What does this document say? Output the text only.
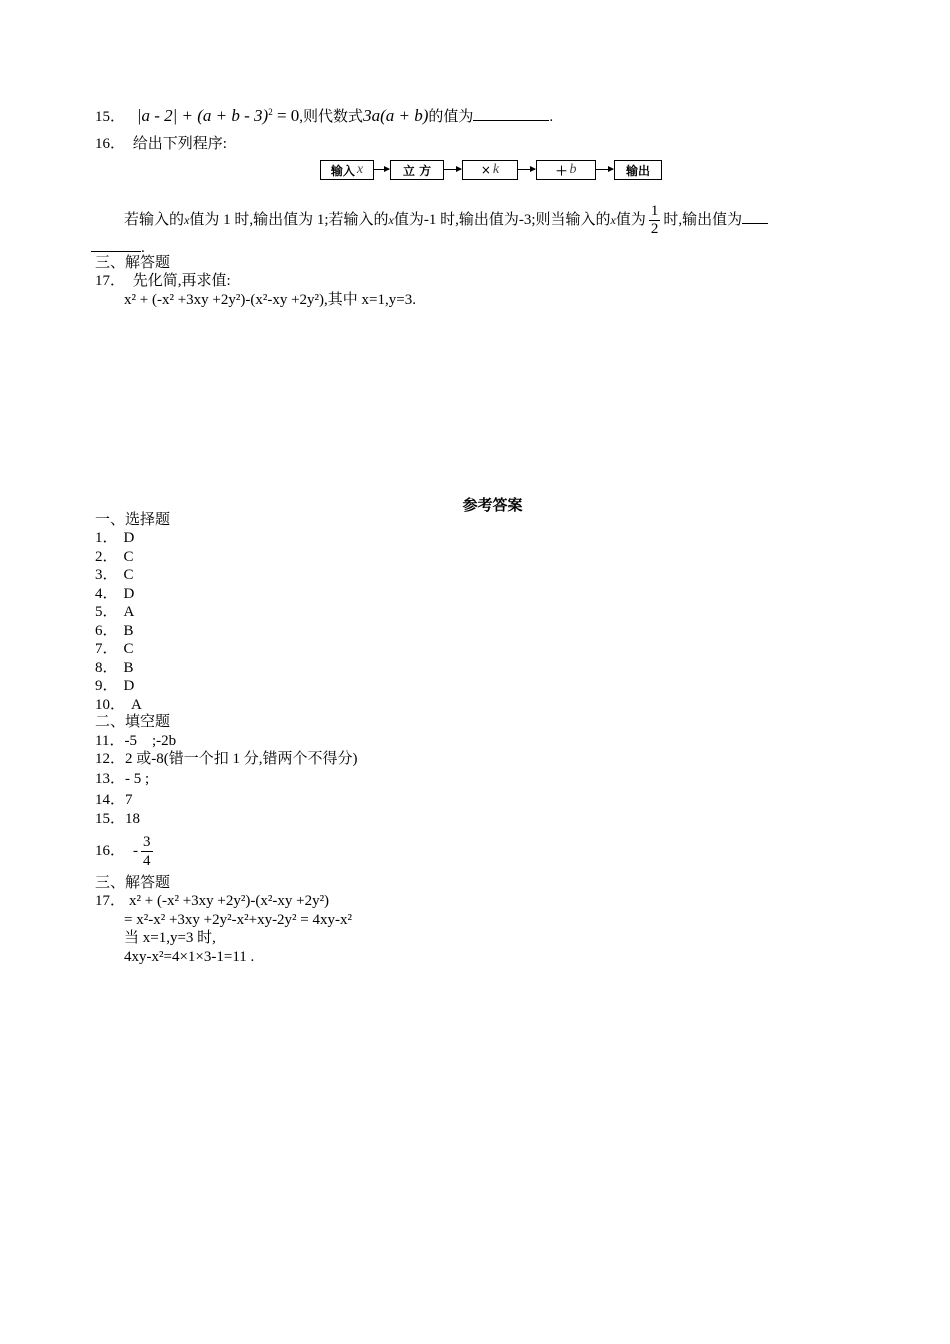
15． $|a - 2| + (a + b - 3)^2 = 0$,则代数式3a(a + b)的值为	.
16． 给出下列程序:
输入 x	立 方	× k	＋ b	输出
若输入的x值为 1 时,输出值为 1;若输入的x值为-1 时,输出值为-3;则当输入的x值为 $\frac{1}{2}$ 时,输出值为
.
三、解答题
17． 先化简,再求值:
x² + (-x² +3xy +2y²)-(x²-xy +2y²),其中 x=1,y=3.
参考答案
一、选择题
1． D
2． C
3． C
4． D
5． A
6． B
7． C
8． B
9． D
10． A
二、填空题
11．-5　;-2b
12．2 或-8(错一个扣 1 分,错两个不得分)
13．- 5 ;
14．7
15．18
16． - $\frac{3}{4}$
三、解答题
17． x² + (-x² +3xy +2y²)-(x²-xy +2y²)
= x²-x² +3xy +2y²-x²+xy-2y² = 4xy-x²
当 x=1,y=3 时,
4xy-x²=4×1×3-1=11 .
